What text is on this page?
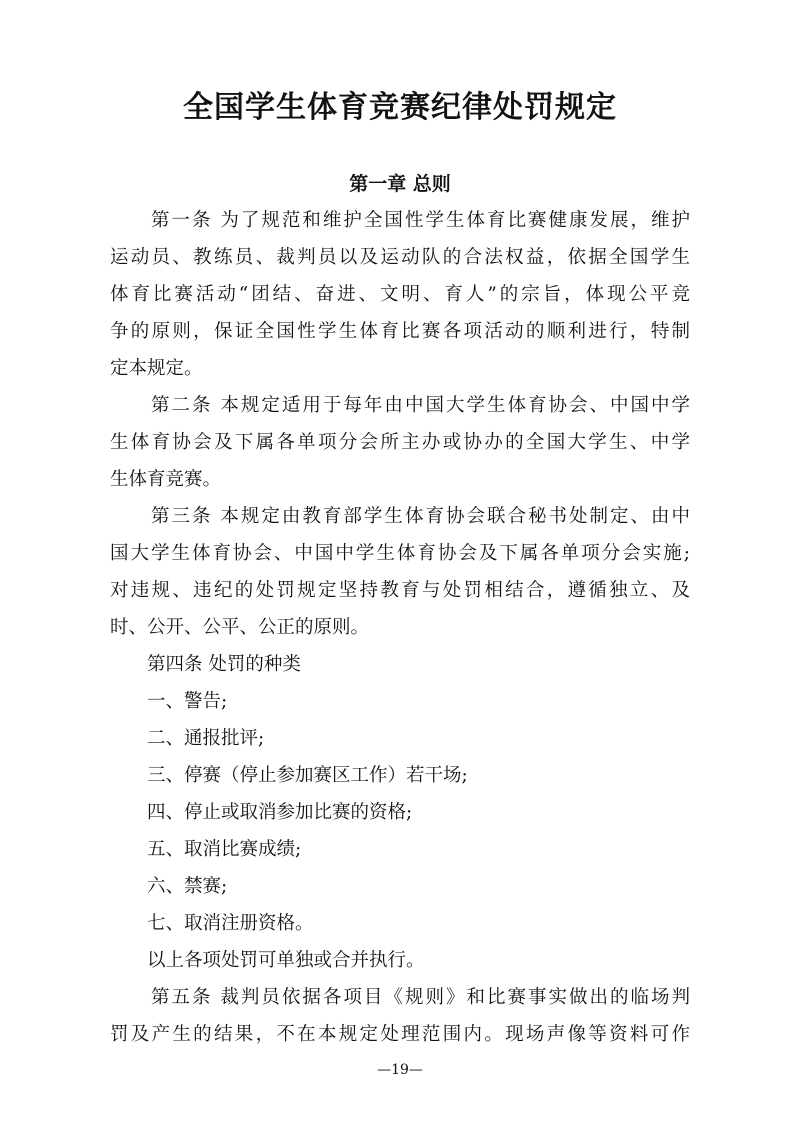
全国学生体育竞赛纪律处罚规定
第一章 总则
　　第一条 为了规范和维护全国性学生体育比赛健康发展，维护
运动员、教练员、裁判员以及运动队的合法权益，依据全国学生
体育比赛活动“团结、奋进、文明、育人”的宗旨，体现公平竞
争的原则，保证全国性学生体育比赛各项活动的顺利进行，特制
定本规定。
　　第二条 本规定适用于每年由中国大学生体育协会、中国中学
生体育协会及下属各单项分会所主办或协办的全国大学生、中学
生体育竞赛。
　　第三条 本规定由教育部学生体育协会联合秘书处制定、由中
国大学生体育协会、中国中学生体育协会及下属各单项分会实施;
对违规、违纪的处罚规定坚持教育与处罚相结合，遵循独立、及
时、公开、公平、公正的原则。
　　第四条 处罚的种类
　　一、警告;
　　二、通报批评;
　　三、停赛（停止参加赛区工作）若干场;
　　四、停止或取消参加比赛的资格;
　　五、取消比赛成绩;
　　六、禁赛;
　　七、取消注册资格。
　　以上各项处罚可单独或合并执行。
　　第五条 裁判员依据各项目《规则》和比赛事实做出的临场判
罚及产生的结果，不在本规定处理范围内。现场声像等资料可作
—19—
